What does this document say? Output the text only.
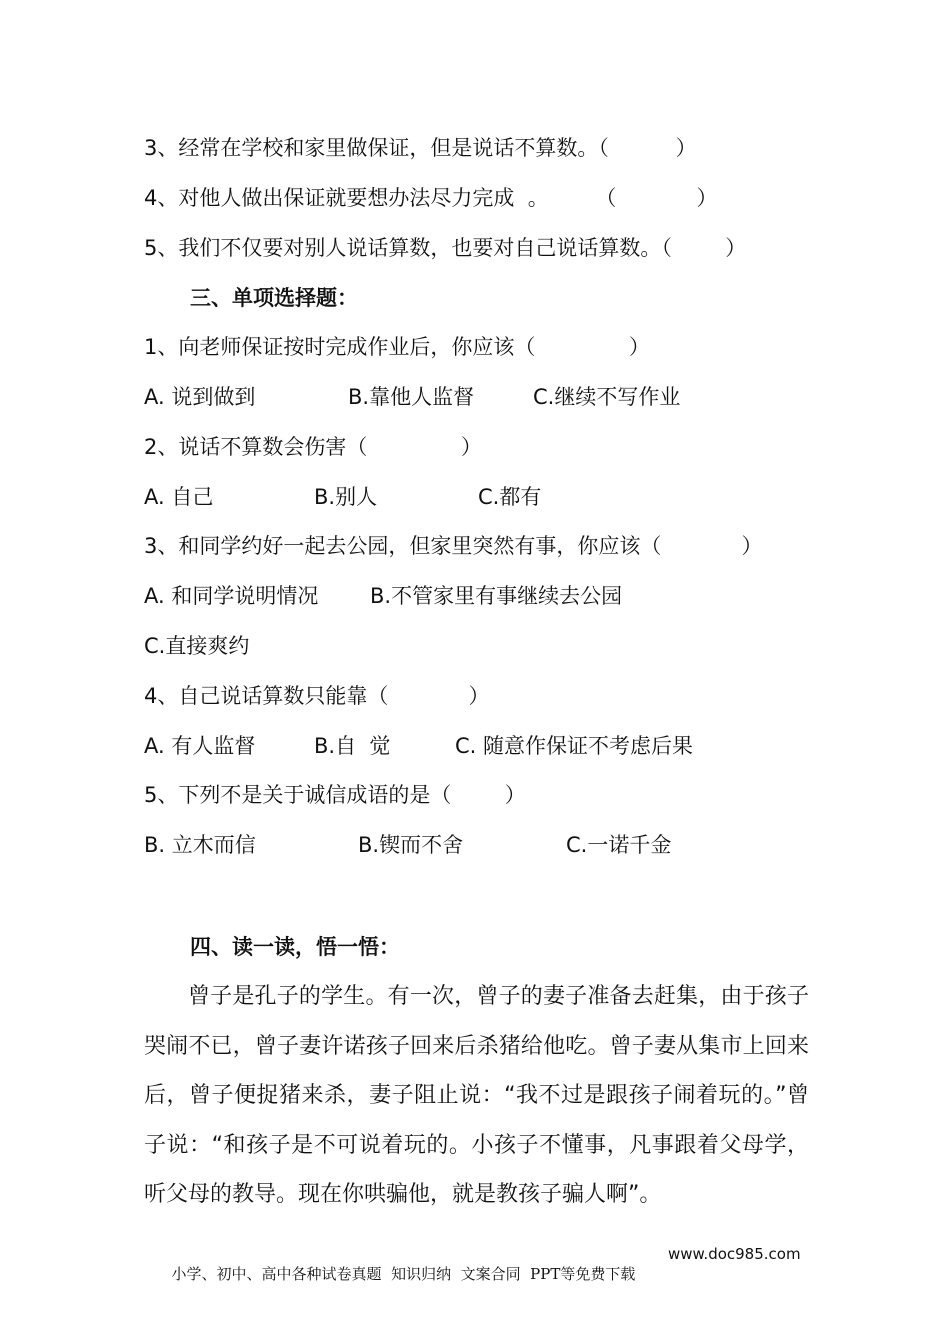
3、经常在学校和家里做保证，但是说话不算数。（          ）
4、对他人做出保证就要想办法尽力完成  。       （            ）
5、我们不仅要对别人说话算数，也要对自己说话算数。（        ）
三、单项选择题：
1、向老师保证按时完成作业后，你应该（              ）
A. 说到做到	B.靠他人监督	C.继续不写作业
2、说话不算数会伤害（              ）
A. 自己	B.别人	C.都有
3、和同学约好一起去公园，但家里突然有事，你应该（            ）
A. 和同学说明情况 B.不管家里有事继续去公园
C.直接爽约
4、自己说话算数只能靠（            ）
A. 有人监督	B.自  觉	C. 随意作保证不考虑后果
5、下列不是关于诚信成语的是（        ）
B. 立木而信	B.锲而不舍	C.一诺千金
四、读一读，悟一悟：
曾子是孔子的学生。有一次，曾子的妻子准备去赶集，由于孩子哭闹不已，曾子妻许诺孩子回来后杀猪给他吃。曾子妻从集市上回来后，曾子便捉猪来杀，妻子阻止说：“我不过是跟孩子闹着玩的。”曾子说：“和孩子是不可说着玩的。小孩子不懂事，凡事跟着父母学，听父母的教导。现在你哄骗他，就是教孩子骗人啊”。

小学、初中、高中各种试卷真题  知识归纳  文案合同  PPT等免费下载

www.doc985.com
